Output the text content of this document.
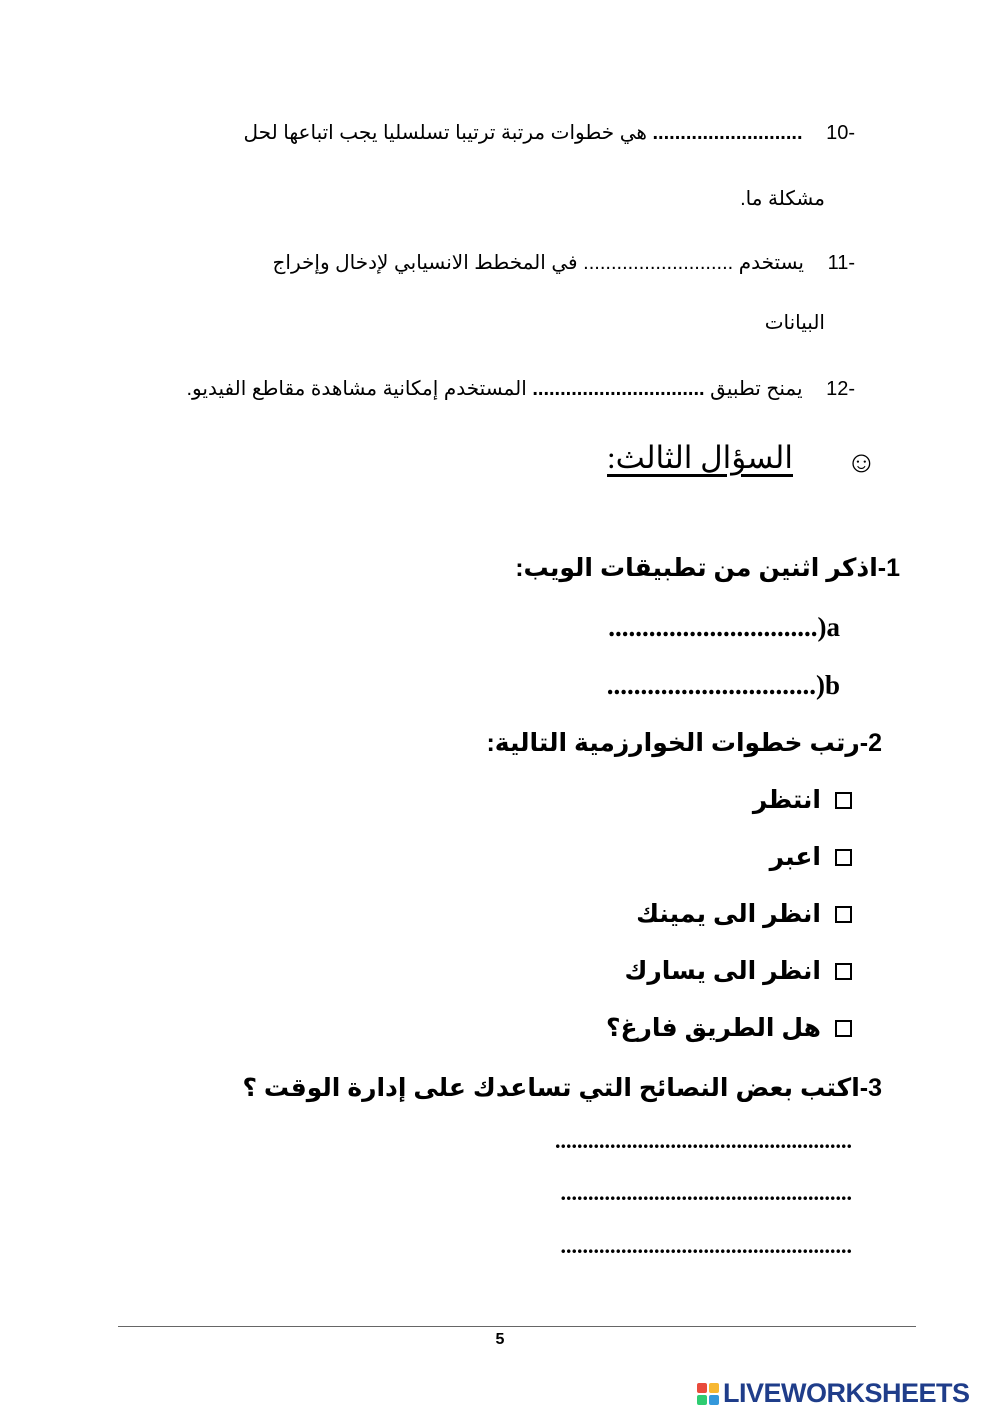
-10 ........................... هي خطوات مرتبة ترتيبا تسلسليا يجب اتباعها لحل
مشكلة ما.
-11 يستخدم ........................... في المخطط الانسيابي لإدخال وإخراج
البيانات
-12 يمنح تطبيق ............................... المستخدم إمكانية مشاهدة مقاطع الفيديو.
☺
السؤال الثالث:
1-اذكر اثنين من تطبيقات الويب:
...............................)a
...............................)b
2-رتب خطوات الخوارزمية التالية:
انتظر
اعبر
انظر الى يمينك
انظر الى يسارك
هل الطريق فارغ؟
3-اكتب بعض النصائح التي تساعدك على إدارة الوقت ؟
......................................................
.....................................................
.....................................................
5
LIVEWORKSHEETS
